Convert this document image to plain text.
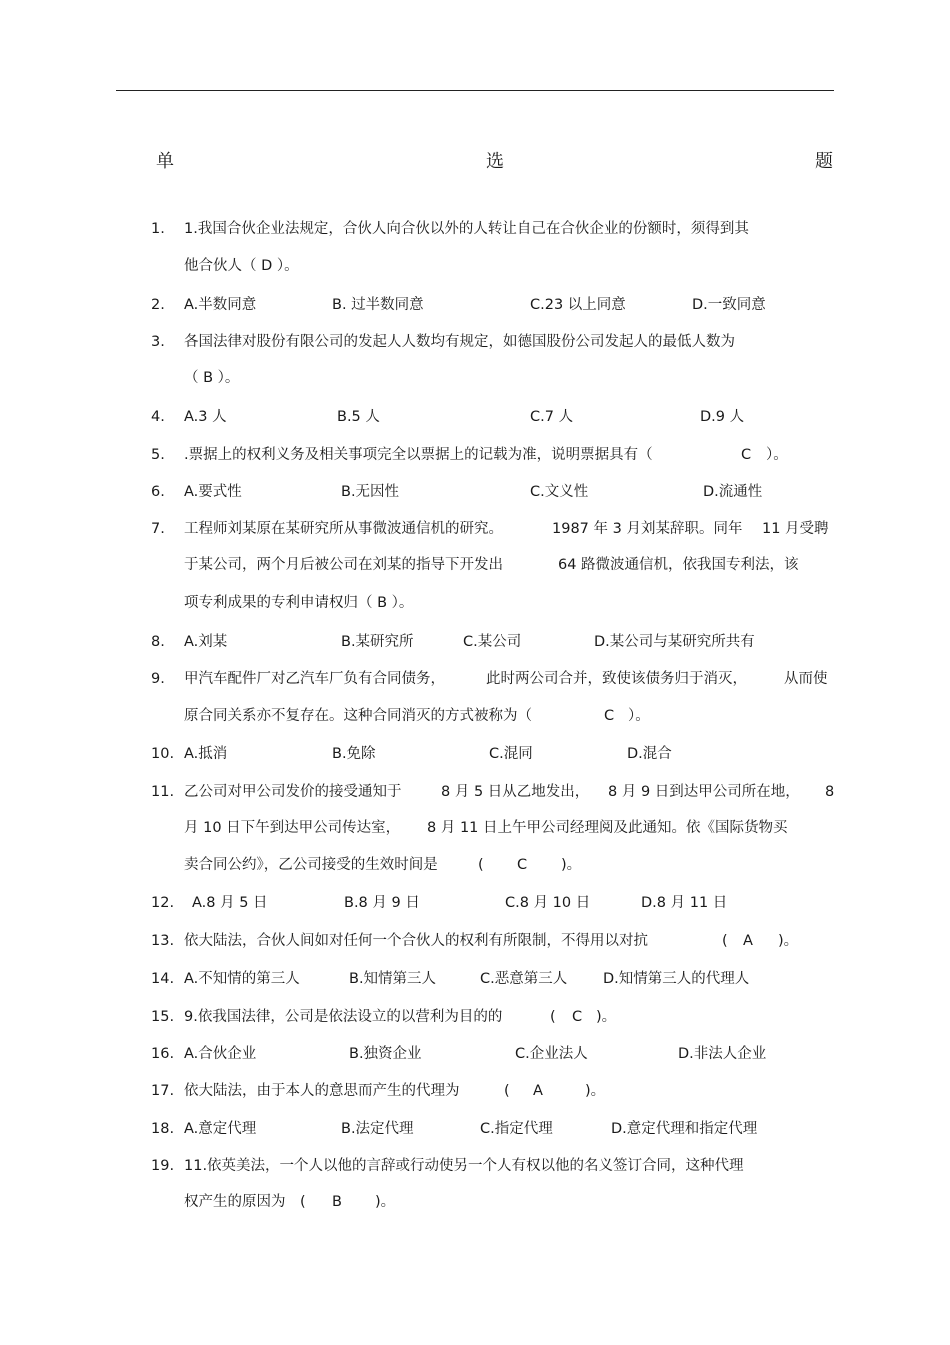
单	选	题
1. 1.我国合伙企业法规定，合伙人向合伙以外的人转让自己在合伙企业的份额时，须得到其
他合伙人（ D ）。
2. A.半数同意	B. 过半数同意	C.23 以上同意	D.一致同意
3. 各国法律对股份有限公司的发起人人数均有规定，如德国股份公司发起人的最低人数为
（ B ）。
4. A.3 人	B.5 人	C.7 人	D.9 人
5. .票据上的权利义务及相关事项完全以票据上的记载为准，说明票据具有（	C ）。
6. A.要式性	B.无因性	C.文义性	D.流通性
7. 工程师刘某原在某研究所从事微波通信机的研究。	1987 年 3 月刘某辞职。同年 11 月受聘
于某公司，两个月后被公司在刘某的指导下开发出	64 路微波通信机，依我国专利法，该
项专利成果的专利申请权归（ B ）。
8. A.刘某	B.某研究所	C.某公司	D.某公司与某研究所共有
9. 甲汽车配件厂对乙汽车厂负有合同债务，	此时两公司合并，致使该债务归于消灭，	从而使
原合同关系亦不复存在。这种合同消灭的方式被称为（	C ）。
10. A.抵消	B.免除	C.混同	D.混合
11. 乙公司对甲公司发价的接受通知于	8 月 5 日从乙地发出， 8 月 9 日到达甲公司所在地， 8
月 10 日下午到达甲公司传达室， 8 月 11 日上午甲公司经理阅及此通知。依《国际货物买
卖合同公约》，乙公司接受的生效时间是	( C )。
12. A.8 月 5 日	B.8 月 9 日	C.8 月 10 日	D.8 月 11 日
13. 依大陆法，合伙人间如对任何一个合伙人的权利有所限制，不得用以对抗	( A )。
14. A.不知情的第三人	B.知情第三人	C.恶意第三人 D.知情第三人的代理人
15. 9.依我国法律，公司是依法设立的以营利为目的的	( C )。
16. A.合伙企业	B.独资企业	C.企业法人	D.非法人企业
17. 依大陆法，由于本人的意思而产生的代理为	( A	)。
18. A.意定代理	B.法定代理	C.指定代理	D.意定代理和指定代理
19. 11.依英美法，一个人以他的言辞或行动使另一个人有权以他的名义签订合同，这种代理
权产生的原因为 ( B )。
